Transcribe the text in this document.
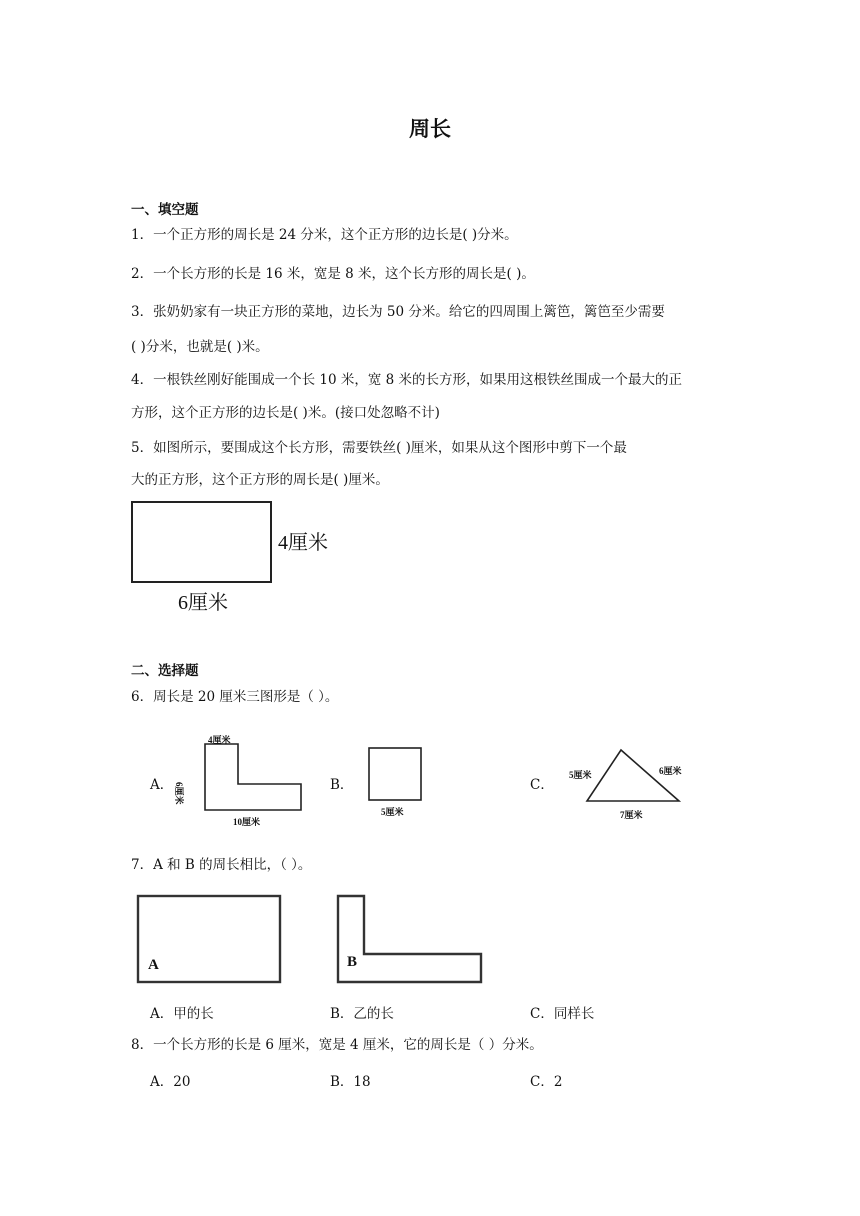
周长
一、填空题
1．一个正方形的周长是 24 分米，这个正方形的边长是( )分米。
2．一个长方形的长是 16 米，宽是 8 米，这个长方形的周长是( )。
3．张奶奶家有一块正方形的菜地，边长为 50 分米。给它的四周围上篱笆，篱笆至少需要
( )分米，也就是( )米。
4．一根铁丝刚好能围成一个长 10 米，宽 8 米的长方形，如果用这根铁丝围成一个最大的正
方形，这个正方形的边长是( )米。(接口处忽略不计)
5．如图所示，要围成这个长方形，需要铁丝( )厘米，如果从这个图形中剪下一个最
大的正方形，这个正方形的周长是( )厘米。
4厘米
6厘米
二、选择题
6．周长是 20 厘米三图形是（ ）。
A．	B．	C．
4厘米
6厘米
10厘米
5厘米
5厘米	6厘米
7厘米
7．A 和 B 的周长相比，（ ）。
A	B
A．甲的长	B．乙的长	C．同样长
8．一个长方形的长是 6 厘米，宽是 4 厘米，它的周长是（ ）分米。
A．20	B．18	C．2
